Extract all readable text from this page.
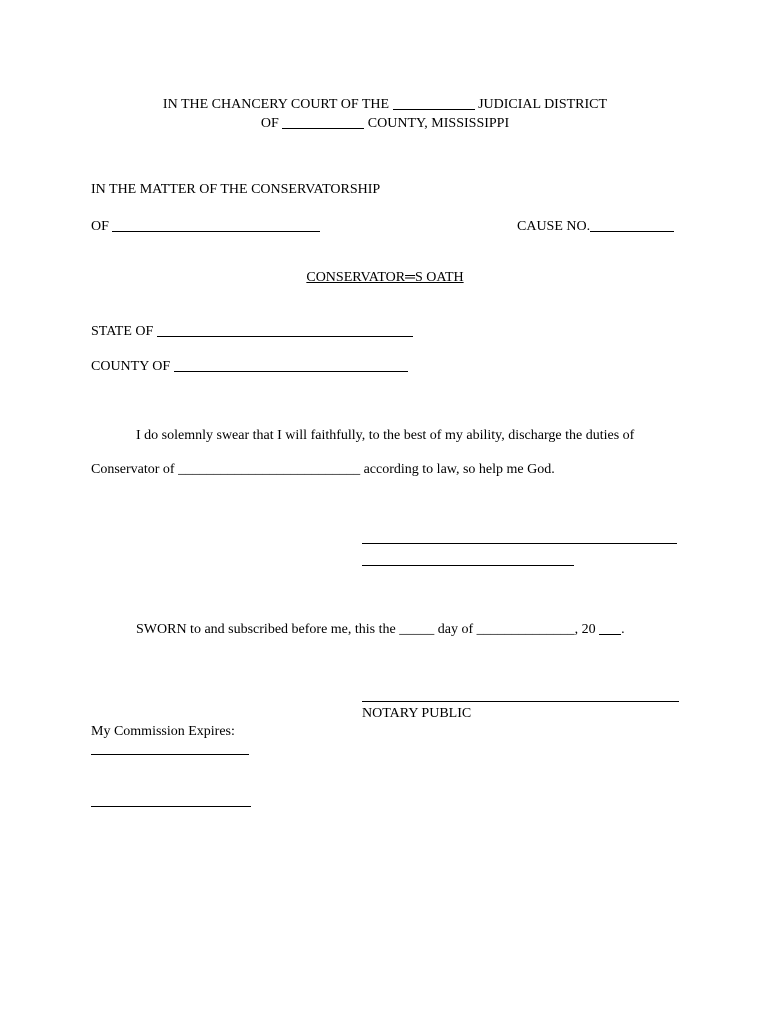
IN THE CHANCERY COURT OF THE	JUDICIAL DISTRICT
OF	COUNTY, MISSISSIPPI
IN THE MATTER OF THE CONSERVATORSHIP
OF	CAUSE NO.
CONSERVATOR═S OATH
STATE OF
COUNTY OF
I do solemnly swear that I will faithfully, to the best of my ability, discharge the duties of
Conservator of __________________________ according to law, so help me God.
SWORN to and subscribed before me, this the _____ day of ______________, 20 .
NOTARY PUBLIC
My Commission Expires:
